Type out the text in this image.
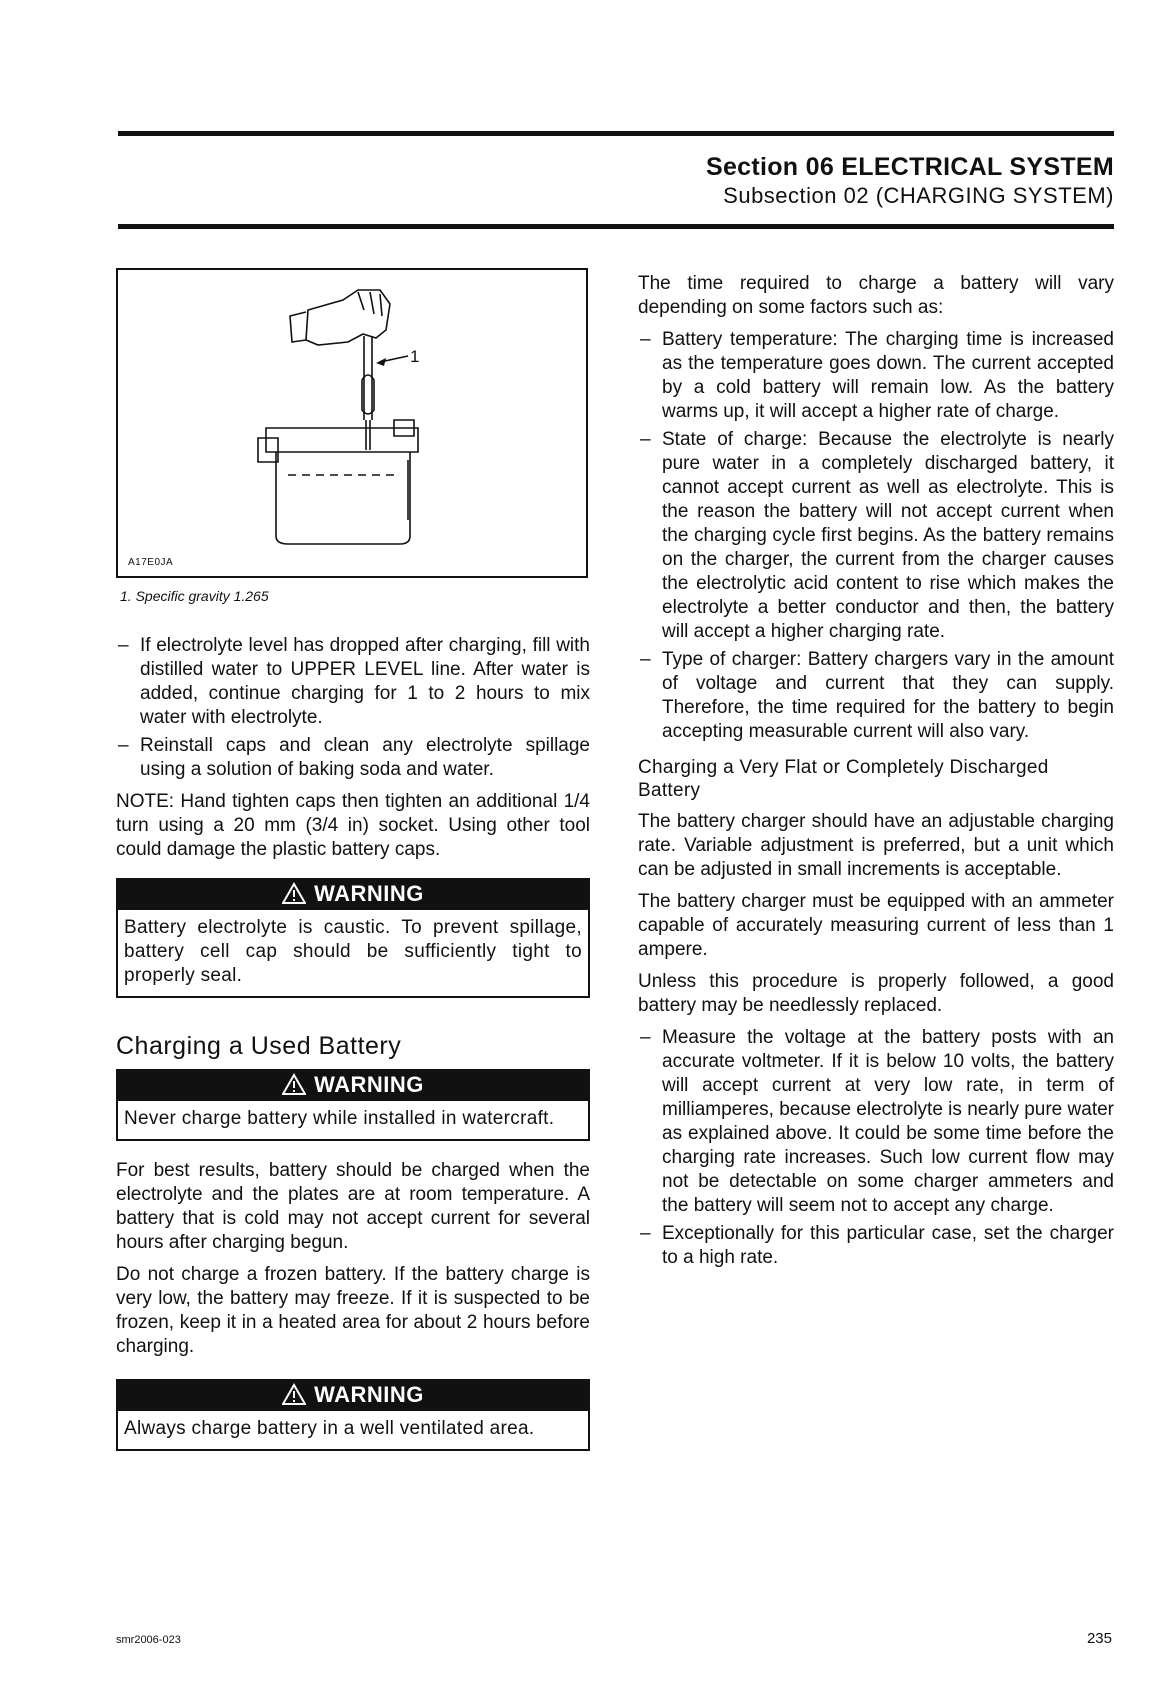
Section 06 ELECTRICAL SYSTEM
Subsection 02 (CHARGING SYSTEM)
1
A17E0JA
1. Specific gravity 1.265
– If electrolyte level has dropped after charging, fill with distilled water to UPPER LEVEL line. After water is added, continue charging for 1 to 2 hours to mix water with electrolyte.
– Reinstall caps and clean any electrolyte spillage using a solution of baking soda and water.

NOTE: Hand tighten caps then tighten an additional 1/4 turn using a 20 mm (3/4 in) socket. Using other tool could damage the plastic battery caps.

WARNING
Battery electrolyte is caustic. To prevent spillage, battery cell cap should be sufficiently tight to properly seal.
Charging a Used Battery
WARNING
Never charge battery while installed in watercraft.

For best results, battery should be charged when the electrolyte and the plates are at room temperature. A battery that is cold may not accept current for several hours after charging begun.

Do not charge a frozen battery. If the battery charge is very low, the battery may freeze. If it is suspected to be frozen, keep it in a heated area for about 2 hours before charging.

WARNING
Always charge battery in a well ventilated area.

The time required to charge a battery will vary depending on some factors such as:

– Battery temperature: The charging time is increased as the temperature goes down. The current accepted by a cold battery will remain low. As the battery warms up, it will accept a higher rate of charge.
– State of charge: Because the electrolyte is nearly pure water in a completely discharged battery, it cannot accept current as well as electrolyte. This is the reason the battery will not accept current when the charging cycle first begins. As the battery remains on the charger, the current from the charger causes the electrolytic acid content to rise which makes the electrolyte a better conductor and then, the battery will accept a higher charging rate.
– Type of charger: Battery chargers vary in the amount of voltage and current that they can supply. Therefore, the time required for the battery to begin accepting measurable current will also vary.
Charging a Very Flat or Completely Discharged Battery

The battery charger should have an adjustable charging rate. Variable adjustment is preferred, but a unit which can be adjusted in small increments is acceptable.

The battery charger must be equipped with an ammeter capable of accurately measuring current of less than 1 ampere.

Unless this procedure is properly followed, a good battery may be needlessly replaced.

– Measure the voltage at the battery posts with an accurate voltmeter. If it is below 10 volts, the battery will accept current at very low rate, in term of milliamperes, because electrolyte is nearly pure water as explained above. It could be some time before the charging rate increases. Such low current flow may not be detectable on some charger ammeters and the battery will seem not to accept any charge.
– Exceptionally for this particular case, set the charger to a high rate.
smr2006-023	235
